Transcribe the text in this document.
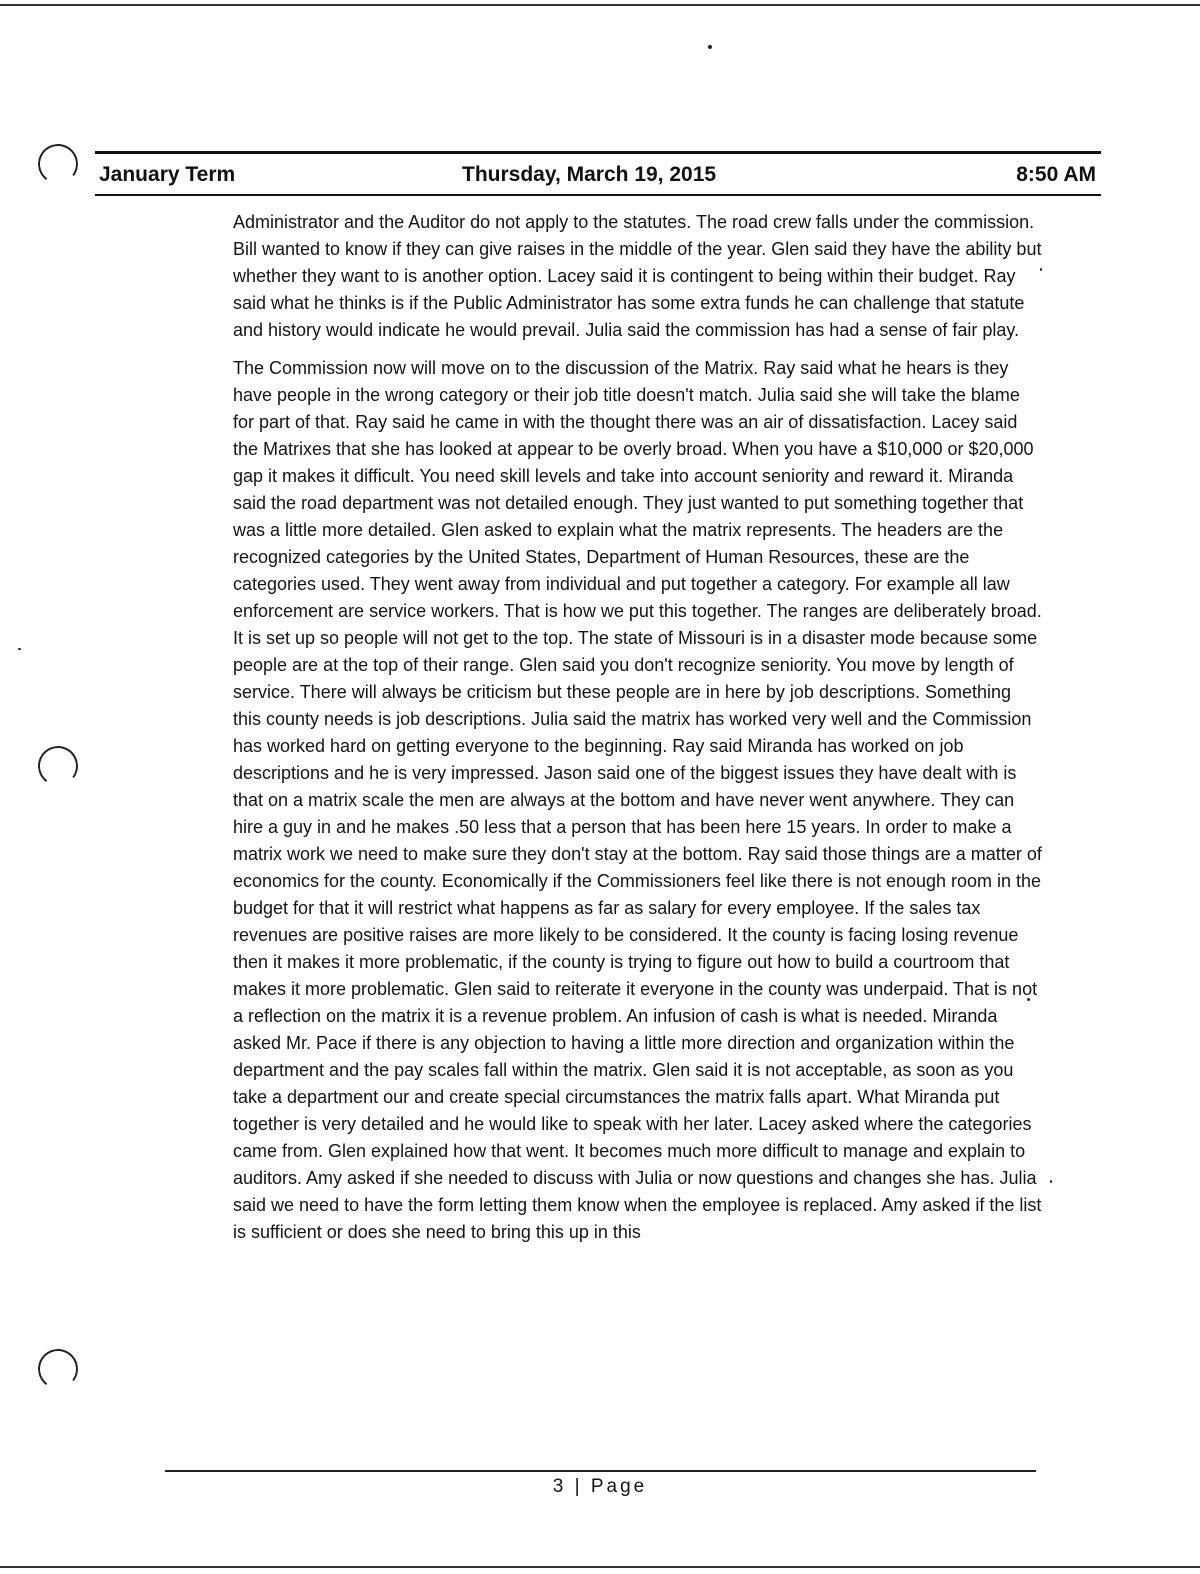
January Term	Thursday, March 19, 2015	8:50 AM

Administrator and the Auditor do not apply to the statutes. The road crew falls under the commission. Bill wanted to know if they can give raises in the middle of the year. Glen said they have the ability but whether they want to is another option. Lacey said it is contingent to being within their budget. Ray said what he thinks is if the Public Administrator has some extra funds he can challenge that statute and history would indicate he would prevail. Julia said the commission has had a sense of fair play.

The Commission now will move on to the discussion of the Matrix. Ray said what he hears is they have people in the wrong category or their job title doesn't match. Julia said she will take the blame for part of that. Ray said he came in with the thought there was an air of dissatisfaction. Lacey said the Matrixes that she has looked at appear to be overly broad. When you have a $10,000 or $20,000 gap it makes it difficult. You need skill levels and take into account seniority and reward it. Miranda said the road department was not detailed enough. They just wanted to put something together that was a little more detailed. Glen asked to explain what the matrix represents. The headers are the recognized categories by the United States, Department of Human Resources, these are the categories used. They went away from individual and put together a category. For example all law enforcement are service workers. That is how we put this together. The ranges are deliberately broad. It is set up so people will not get to the top. The state of Missouri is in a disaster mode because some people are at the top of their range. Glen said you don't recognize seniority. You move by length of service. There will always be criticism but these people are in here by job descriptions. Something this county needs is job descriptions. Julia said the matrix has worked very well and the Commission has worked hard on getting everyone to the beginning. Ray said Miranda has worked on job descriptions and he is very impressed. Jason said one of the biggest issues they have dealt with is that on a matrix scale the men are always at the bottom and have never went anywhere. They can hire a guy in and he makes .50 less that a person that has been here 15 years. In order to make a matrix work we need to make sure they don't stay at the bottom. Ray said those things are a matter of economics for the county. Economically if the Commissioners feel like there is not enough room in the budget for that it will restrict what happens as far as salary for every employee. If the sales tax revenues are positive raises are more likely to be considered. It the county is facing losing revenue then it makes it more problematic, if the county is trying to figure out how to build a courtroom that makes it more problematic. Glen said to reiterate it everyone in the county was underpaid. That is not a reflection on the matrix it is a revenue problem. An infusion of cash is what is needed. Miranda asked Mr. Pace if there is any objection to having a little more direction and organization within the department and the pay scales fall within the matrix. Glen said it is not acceptable, as soon as you take a department our and create special circumstances the matrix falls apart. What Miranda put together is very detailed and he would like to speak with her later. Lacey asked where the categories came from. Glen explained how that went. It becomes much more difficult to manage and explain to auditors. Amy asked if she needed to discuss with Julia or now questions and changes she has. Julia said we need to have the form letting them know when the employee is replaced. Amy asked if the list is sufficient or does she need to bring this up in this

3 | Page
